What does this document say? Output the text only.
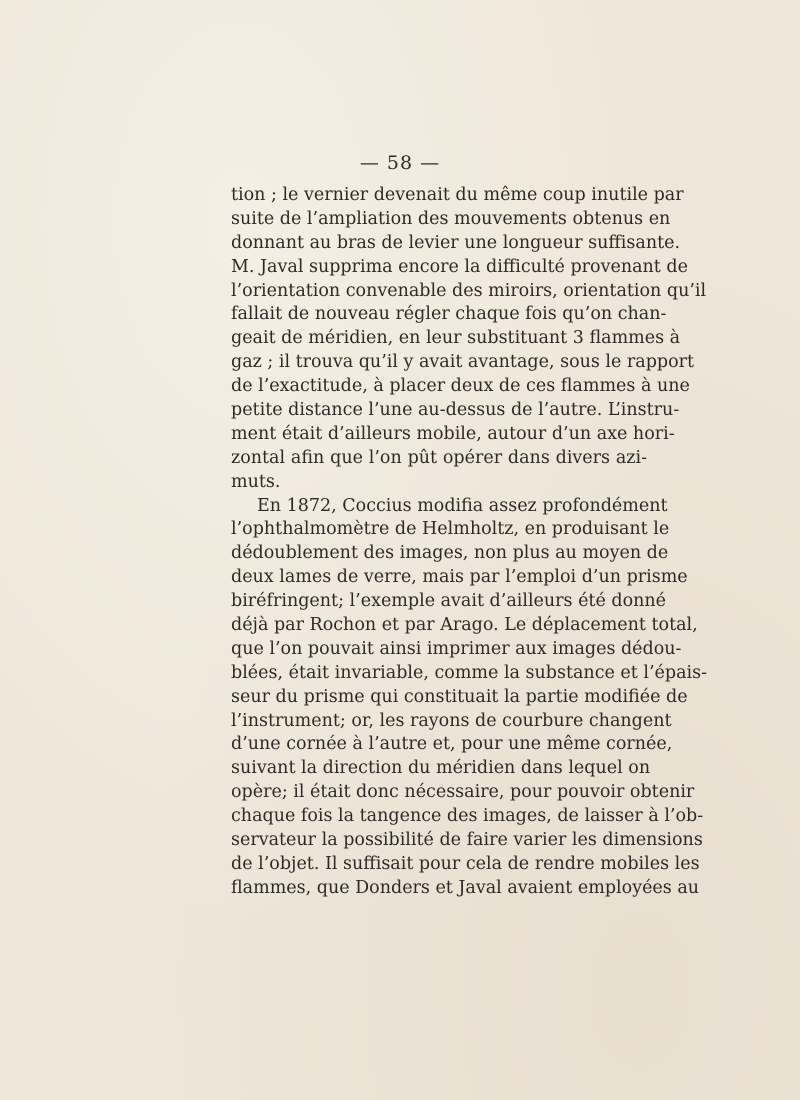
— 58 —
tion ; le vernier devenait du même coup inutile par
suite de l’ampliation des mouvements obtenus en
donnant au bras de levier une longueur suffisante.
M. Javal supprima encore la difficulté provenant de
l’orientation convenable des miroirs, orientation qu’il
fallait de nouveau régler chaque fois qu’on chan-
geait de méridien, en leur substituant 3 flammes à
gaz ; il trouva qu’il y avait avantage, sous le rapport
de l’exactitude, à placer deux de ces flammes à une
petite distance l’une au-dessus de l’autre. L’instru-
ment était d’ailleurs mobile, autour d’un axe hori-
zontal afin que l’on pût opérer dans divers azi-
muts.
En 1872, Coccius modifia assez profondément
l’ophthalmomètre de Helmholtz, en produisant le
dédoublement des images, non plus au moyen de
deux lames de verre, mais par l’emploi d’un prisme
biréfringent; l’exemple avait d’ailleurs été donné
déjà par Rochon et par Arago. Le déplacement total,
que l’on pouvait ainsi imprimer aux images dédou-
blées, était invariable, comme la substance et l’épais-
seur du prisme qui constituait la partie modifiée de
l’instrument; or, les rayons de courbure changent
d’une cornée à l’autre et, pour une même cornée,
suivant la direction du méridien dans lequel on
opère; il était donc nécessaire, pour pouvoir obtenir
chaque fois la tangence des images, de laisser à l’ob-
servateur la possibilité de faire varier les dimensions
de l’objet. Il suffisait pour cela de rendre mobiles les
flammes, que Donders et Javal avaient employées au
